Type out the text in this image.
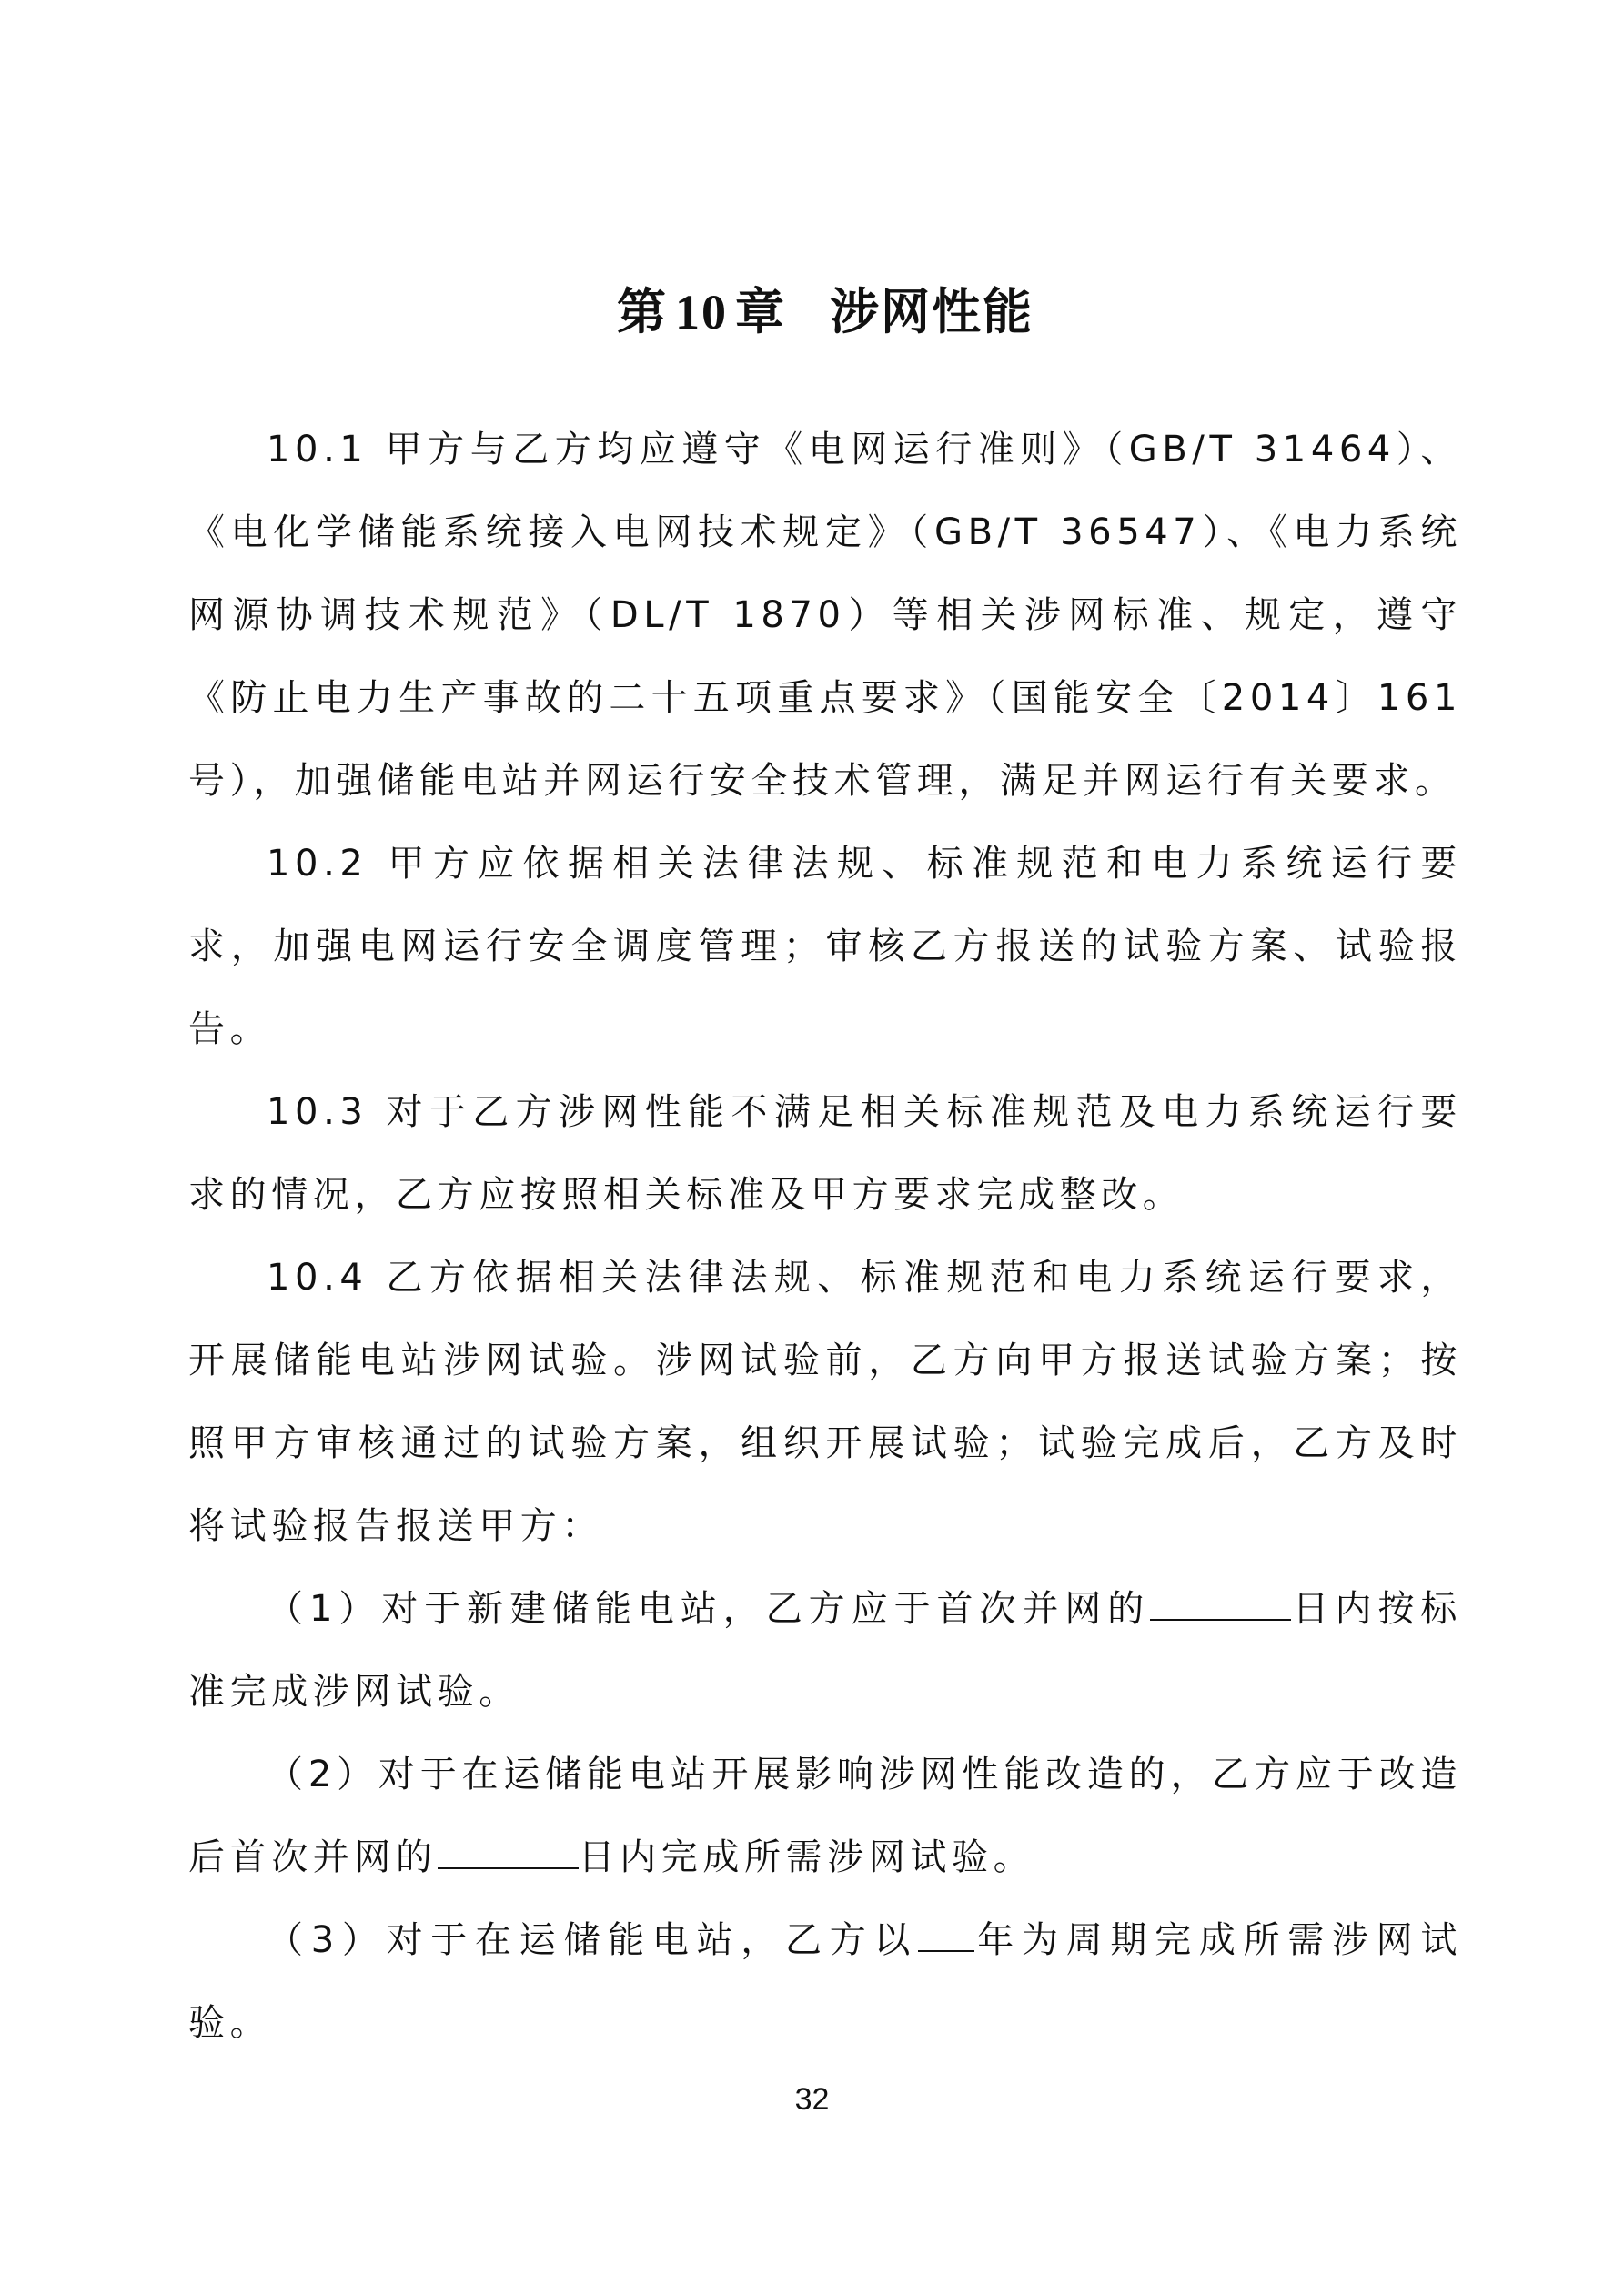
第 10 章 涉网性能

10.1 甲方与乙方均应遵守《电网运行准则》（GB/T 31464）、《电化学储能系统接入电网技术规定》（GB/T 36547）、《电力系统网源协调技术规范》（DL/T 1870）等相关涉网标准、规定，遵守《防止电力生产事故的二十五项重点要求》（国能安全〔2014〕161 号），加强储能电站并网运行安全技术管理，满足并网运行有关要求。

10.2 甲方应依据相关法律法规、标准规范和电力系统运行要求，加强电网运行安全调度管理；审核乙方报送的试验方案、试验报告。

10.3 对于乙方涉网性能不满足相关标准规范及电力系统运行要求的情况，乙方应按照相关标准及甲方要求完成整改。

10.4 乙方依据相关法律法规、标准规范和电力系统运行要求，开展储能电站涉网试验。涉网试验前，乙方向甲方报送试验方案；按照甲方审核通过的试验方案，组织开展试验；试验完成后，乙方及时将试验报告报送甲方：

（1）对于新建储能电站，乙方应于首次并网的	日内按标准完成涉网试验。

（2）对于在运储能电站开展影响涉网性能改造的，乙方应于改造后首次并网的	日内完成所需涉网试验。

（3）对于在运储能电站，乙方以 年为周期完成所需涉网试验。

32
